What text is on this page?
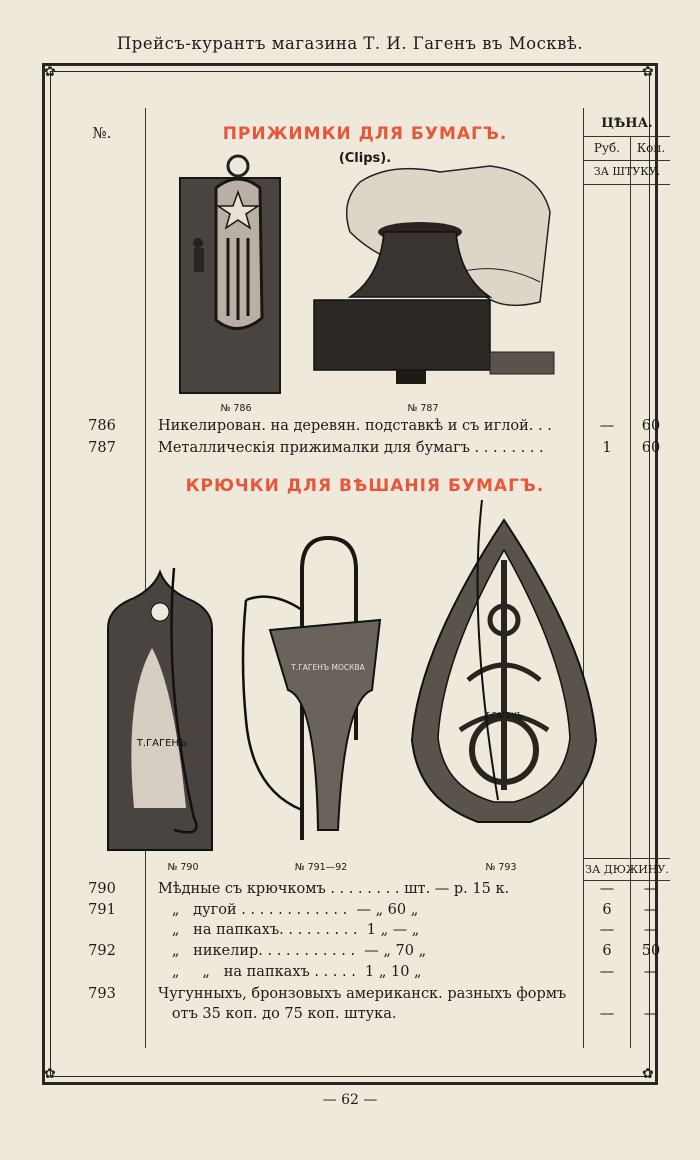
Прейсъ-курантъ магазина Т. И. Гагенъ въ Москвѣ.
✿	✿
✿	✿
№.
ЦѢНА.
Руб.	Коп.
ЗА ШТУКУ.
ЗА ДЮЖИНУ.
ПРИЖИМКИ ДЛЯ БУМАГЪ.
(Clips).
№ 786	№ 787
786	Никелирован. на деревян. подставкѣ и съ иглой. . .	—	60
787	Металлическія прижималки для бумагъ . . . . . . . .	1	60
КРЮЧКИ ДЛЯ ВѢШАНІЯ БУМАГЪ.
Т.ГАГЕНЪ
Т.ГАГЕНЪ МОСКВА
Т.ГАГЕНЪ
№ 790	№ 791—92	№ 793
790	Мѣдные съ крючкомъ . . . . . . . . шт. — р. 15 к.	—	—
791	„   дугой . . . . . . . . . . . .  — „ 60 „	6	—
„   на папкахъ. . . . . . . . .  1 „ — „	—	—
792	„   никелир. . . . . . . . . . .  — „ 70 „	6	50
„     „   на папкахъ . . . . .  1 „ 10 „	—	—
793	Чугунныхъ, бронзовыхъ американск. разныхъ формъ
отъ 35 коп. до 75 коп. штука.	—	—
— 62 —
